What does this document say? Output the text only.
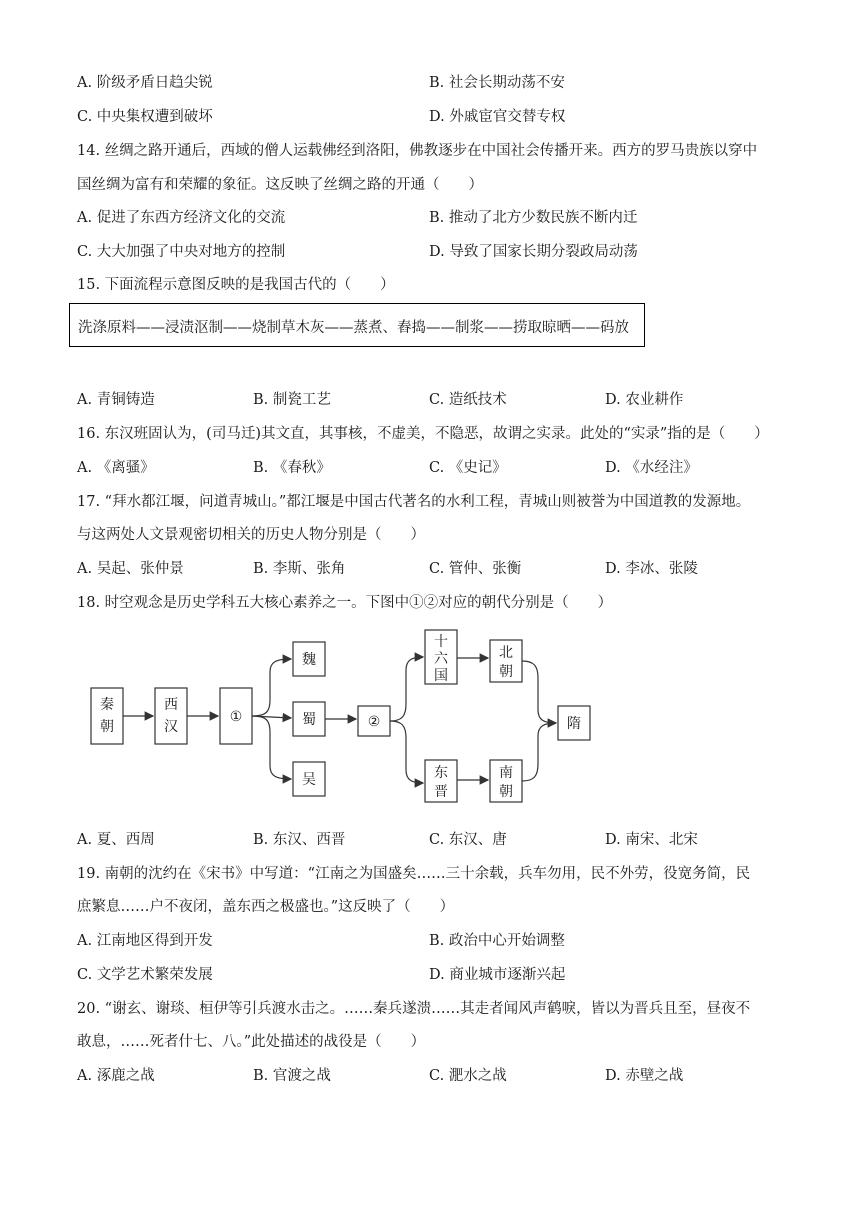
A. 阶级矛盾日趋尖锐	B. 社会长期动荡不安
C. 中央集权遭到破坏	D. 外戚宦官交替专权
14. 丝绸之路开通后，西域的僧人运载佛经到洛阳，佛教逐步在中国社会传播开来。西方的罗马贵族以穿中
国丝绸为富有和荣耀的象征。这反映了丝绸之路的开通（　　）
A. 促进了东西方经济文化的交流	B. 推动了北方少数民族不断内迁
C. 大大加强了中央对地方的控制	D. 导致了国家长期分裂政局动荡
15. 下面流程示意图反映的是我国古代的（　　）
洗涤原料——浸渍沤制——烧制草木灰——蒸煮、舂捣——制浆——捞取晾晒——码放
A. 青铜铸造	B. 制瓷工艺	C. 造纸技术	D. 农业耕作
16. 东汉班固认为，(司马迁)其文直，其事核，不虚美，不隐恶，故谓之实录。此处的“实录”指的是（　　）
A. 《离骚》	B. 《春秋》	C. 《史记》	D. 《水经注》
17. “拜水都江堰，问道青城山。”都江堰是中国古代著名的水利工程，青城山则被誉为中国道教的发源地。
与这两处人文景观密切相关的历史人物分别是（　　）
A. 吴起、张仲景	B. 李斯、张角	C. 管仲、张衡	D. 李冰、张陵
18. 时空观念是历史学科五大核心素养之一。下图中①②对应的朝代分别是（　　）
秦
朝
西
汉
①
魏
蜀
吴
②
十
六
国
北
朝
东
晋
南
朝
隋
A. 夏、西周	B. 东汉、西晋	C. 东汉、唐	D. 南宋、北宋
19. 南朝的沈约在《宋书》中写道：“江南之为国盛矣……三十余载，兵车勿用，民不外劳，役宽务简，民
庶繁息……户不夜闭，盖东西之极盛也。”这反映了（　　）
A. 江南地区得到开发	B. 政治中心开始调整
C. 文学艺术繁荣发展	D. 商业城市逐渐兴起
20. “谢玄、谢琰、桓伊等引兵渡水击之。……秦兵遂溃……其走者闻风声鹤唳，皆以为晋兵且至，昼夜不
敢息，……死者什七、八。”此处描述的战役是（　　）
A. 涿鹿之战	B. 官渡之战	C. 淝水之战	D. 赤壁之战
